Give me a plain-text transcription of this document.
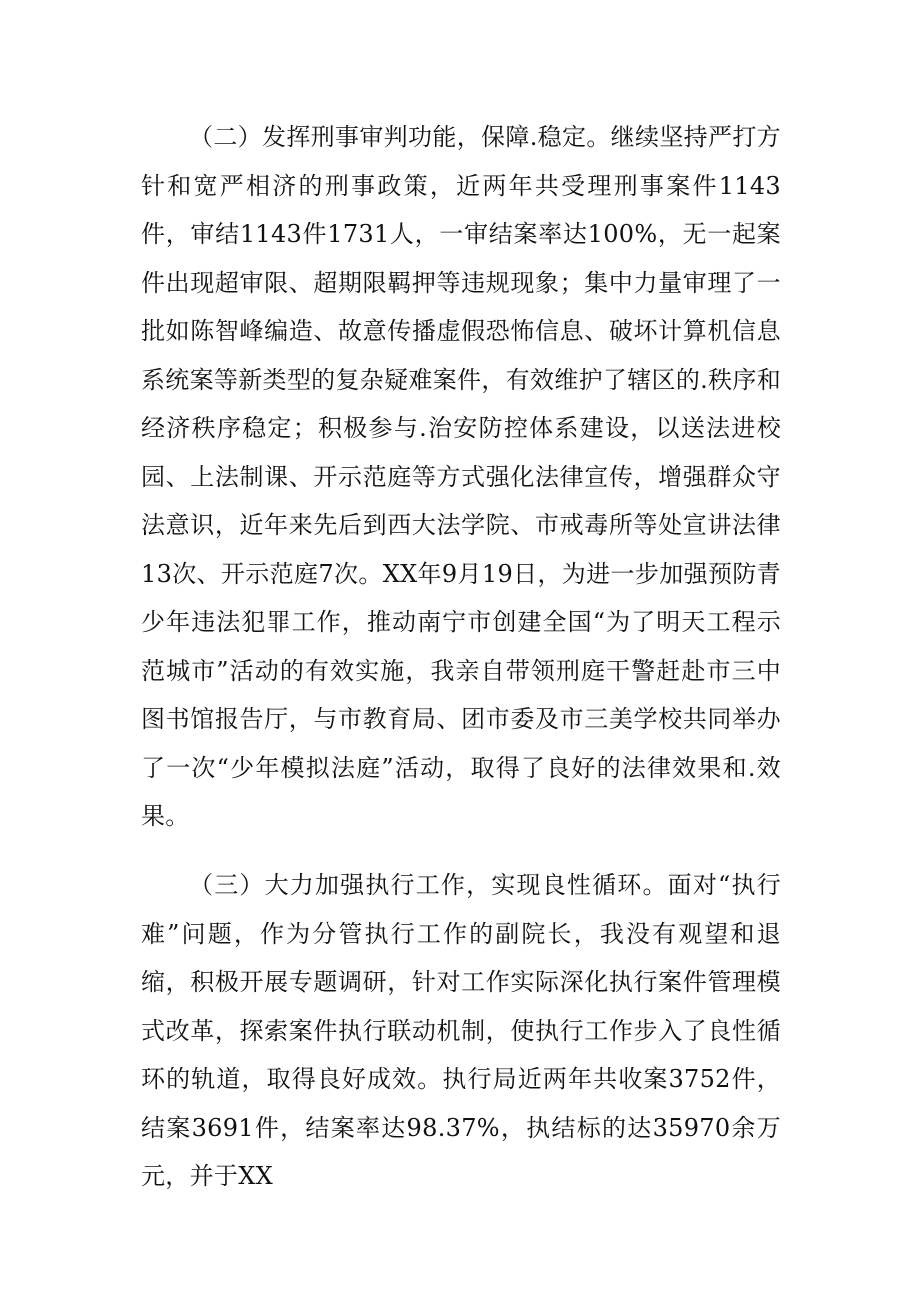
（二）发挥刑事审判功能，保障.稳定。继续坚持严打方针和宽严相济的刑事政策，近两年共受理刑事案件1143件，审结1143件1731人，一审结案率达100%，无一起案件出现超审限、超期限羁押等违规现象；集中力量审理了一批如陈智峰编造、故意传播虚假恐怖信息、破坏计算机信息系统案等新类型的复杂疑难案件，有效维护了辖区的.秩序和经济秩序稳定；积极参与.治安防控体系建设，以送法进校园、上法制课、开示范庭等方式强化法律宣传，增强群众守法意识，近年来先后到西大法学院、市戒毒所等处宣讲法律13次、开示范庭7次。XX年9月19日，为进一步加强预防青少年违法犯罪工作，推动南宁市创建全国“为了明天工程示范城市”活动的有效实施，我亲自带领刑庭干警赶赴市三中图书馆报告厅，与市教育局、团市委及市三美学校共同举办了一次“少年模拟法庭”活动，取得了良好的法律效果和.效果。

（三）大力加强执行工作，实现良性循环。面对“执行难”问题，作为分管执行工作的副院长，我没有观望和退缩，积极开展专题调研，针对工作实际深化执行案件管理模式改革，探索案件执行联动机制，使执行工作步入了良性循环的轨道，取得良好成效。执行局近两年共收案3752件，结案3691件，结案率达98.37%，执结标的达35970余万元，并于XX
